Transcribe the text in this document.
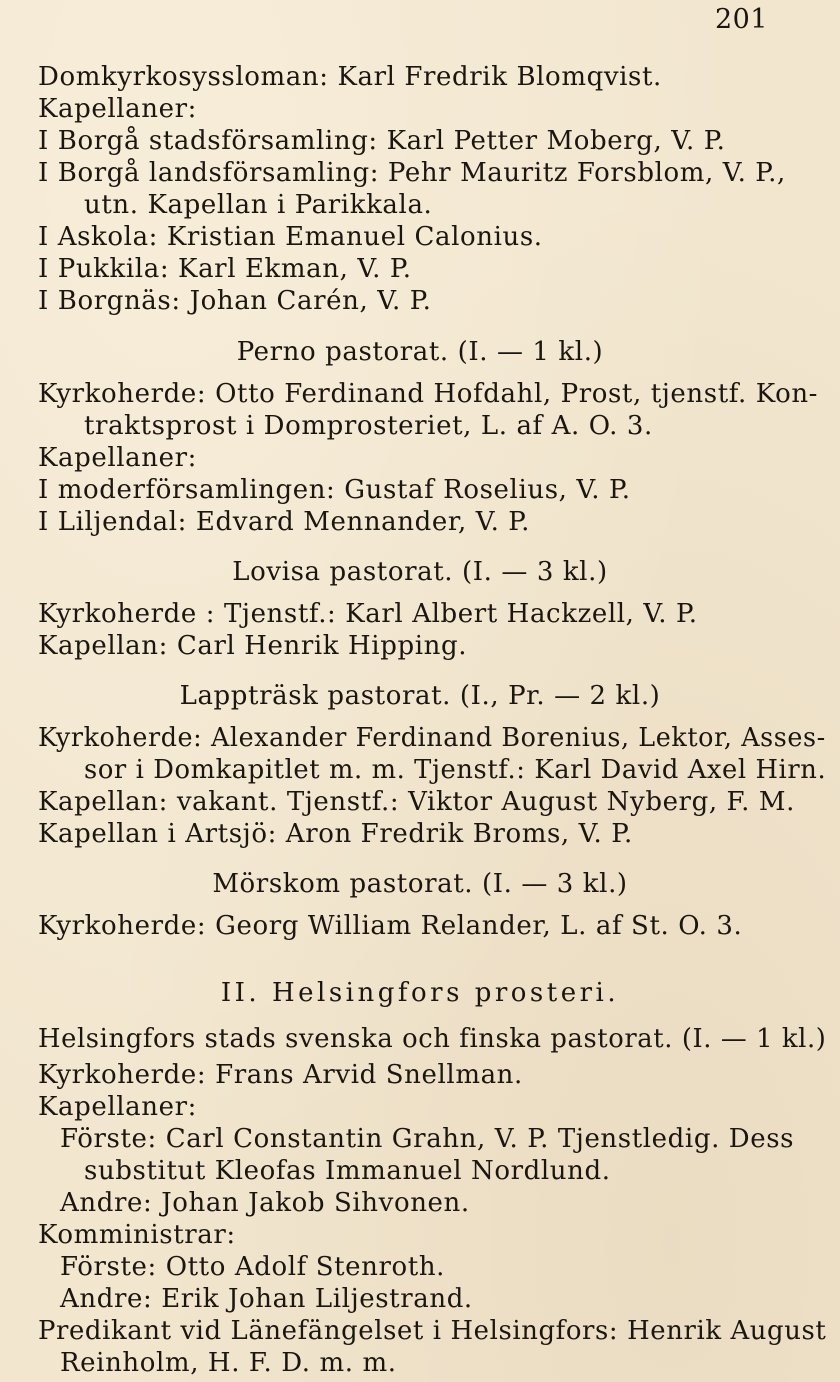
201
Domkyrkosyssloman: Karl Fredrik Blomqvist.
Kapellaner:
I Borgå stadsförsamling: Karl Petter Moberg, V. P.
I Borgå landsförsamling: Pehr Mauritz Forsblom, V. P.,
utn. Kapellan i Parikkala.
I Askola: Kristian Emanuel Calonius.
I Pukkila: Karl Ekman, V. P.
I Borgnäs: Johan Carén, V. P.
Perno pastorat. (I. — 1 kl.)
Kyrkoherde: Otto Ferdinand Hofdahl, Prost, tjenstf. Kon-
traktsprost i Domprosteriet, L. af A. O. 3.
Kapellaner:
I moderförsamlingen: Gustaf Roselius, V. P.
I Liljendal: Edvard Mennander, V. P.
Lovisa pastorat. (I. — 3 kl.)
Kyrkoherde : Tjenstf.: Karl Albert Hackzell, V. P.
Kapellan: Carl Henrik Hipping.
Lappträsk pastorat. (I., Pr. — 2 kl.)
Kyrkoherde: Alexander Ferdinand Borenius, Lektor, Asses-
sor i Domkapitlet m. m. Tjenstf.: Karl David Axel Hirn.
Kapellan: vakant. Tjenstf.: Viktor August Nyberg, F. M.
Kapellan i Artsjö: Aron Fredrik Broms, V. P.
Mörskom pastorat. (I. — 3 kl.)
Kyrkoherde: Georg William Relander, L. af St. O. 3.
II. Helsingfors prosteri.
Helsingfors stads svenska och finska pastorat. (I. — 1 kl.)
Kyrkoherde: Frans Arvid Snellman.
Kapellaner:
Förste: Carl Constantin Grahn, V. P. Tjenstledig. Dess
substitut Kleofas Immanuel Nordlund.
Andre: Johan Jakob Sihvonen.
Komministrar:
Förste: Otto Adolf Stenroth.
Andre: Erik Johan Liljestrand.
Predikant vid Länefängelset i Helsingfors: Henrik August
Reinholm, H. F. D. m. m.
